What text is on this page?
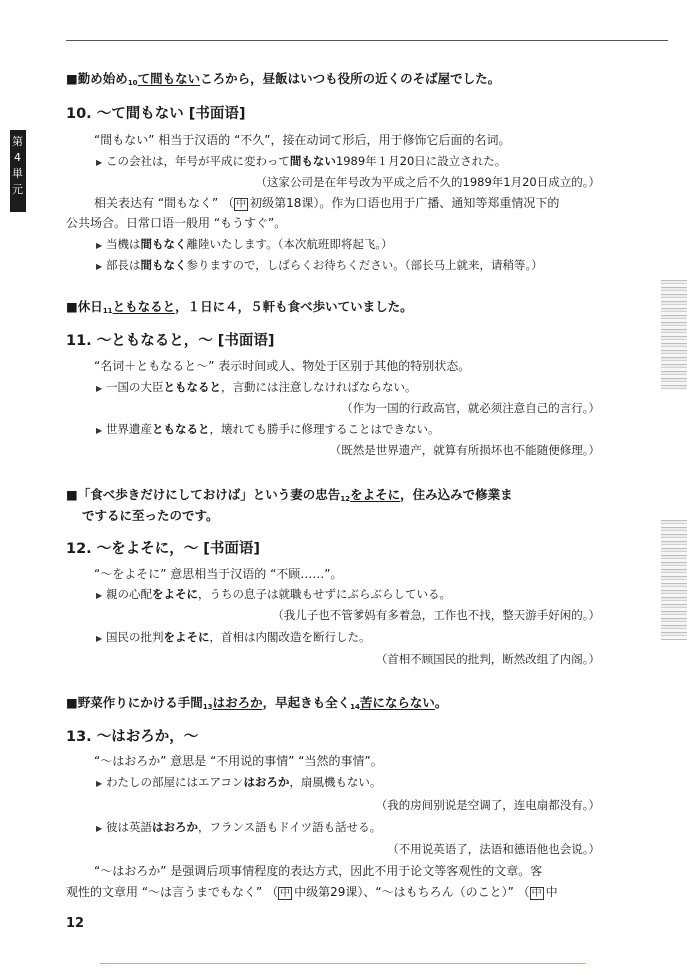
第4単元
■勤め始め$_{10}$て間もないころから，昼飯はいつも役所の近くのそば屋でした。
10. ～て間もない [书面语]
“間もない” 相当于汉语的 “不久”，接在动词て形后，用于修饰它后面的名词。
▶ この会社は，年号が平成に変わって間もない1989年１月20日に設立された。
（这家公司是在年号改为平成之后不久的1989年1月20日成立的。）
相关表达有 “間もなく” （ 中 初级第18课）。作为口语也用于广播、通知等郑重情况下的
公共场合。日常口语一般用 “もうすぐ”。
▶ 当機は間もなく離陸いたします。（本次航班即将起飞。）
▶ 部長は間もなく参りますので，しばらくお待ちください。（部长马上就来，请稍等。）
■休日$_{11}$ともなると，１日に４，５軒も食べ歩いていました。
11. ～ともなると，～ [书面语]
“名词＋ともなると～” 表示时间或人、物处于区别于其他的特别状态。
▶ 一国の大臣ともなると，言動には注意しなければならない。
（作为一国的行政高官，就必须注意自己的言行。）
▶ 世界遺産ともなると，壊れても勝手に修理することはできない。
（既然是世界遗产，就算有所损坏也不能随便修理。）
■「食べ歩きだけにしておけば」という妻の忠告$_{12}$をよそに，住み込みで修業ま
でするに至ったのです。
12. ～をよそに，～ [书面语]
“～をよそに” 意思相当于汉语的 “不顾……”。
▶ 親の心配をよそに，うちの息子は就職もせずにぶらぶらしている。
（我儿子也不管爹妈有多着急，工作也不找，整天游手好闲的。）
▶ 国民の批判をよそに，首相は内閣改造を断行した。
（首相不顾国民的批判，断然改组了内阁。）
■野菜作りにかける手間$_{13}$はおろか，早起きも全く$_{14}$苦にならない。
13. ～はおろか，～
“～はおろか” 意思是 “不用说的事情” “当然的事情”。
▶ わたしの部屋にはエアコンはおろか，扇風機もない。
（我的房间别说是空调了，连电扇都没有。）
▶ 彼は英語はおろか，フランス語もドイツ語も話せる。
（不用说英语了，法语和德语他也会说。）
“～はおろか” 是强调后项事情程度的表达方式，因此不用于论文等客观性的文章。客
观性的文章用 “～は言うまでもなく” （ 中 中级第29课）、“～はもちろん（のこと）” （ 中 中
12
